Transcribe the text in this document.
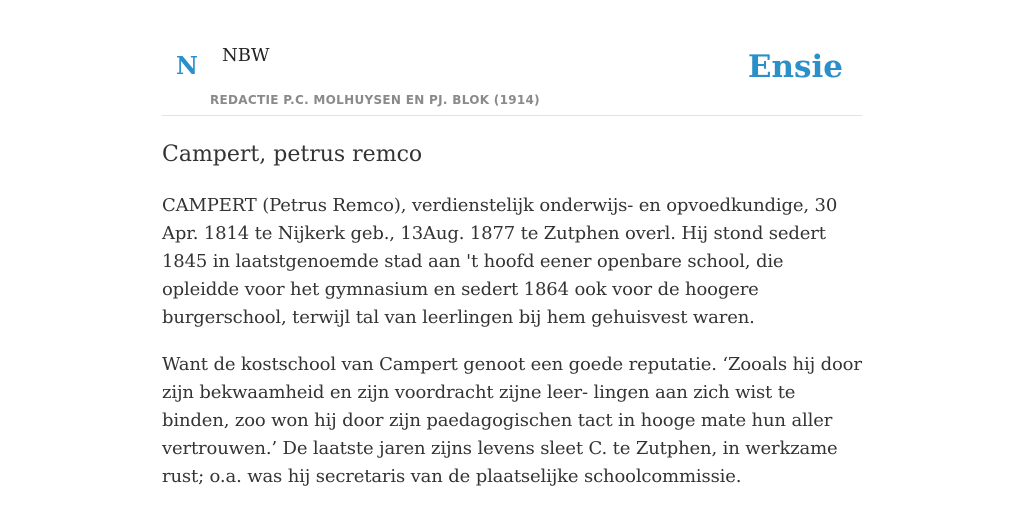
N NBW
REDACTIE P.C. MOLHUYSEN EN PJ. BLOK (1914)
Ensie
Campert, petrus remco

CAMPERT (Petrus Remco), verdienstelijk onderwijs- en opvoedkundige, 30 Apr. 1814 te Nijkerk geb., 13Aug. 1877 te Zutphen overl. Hij stond sedert 1845 in laatstgenoemde stad aan 't hoofd eener openbare school, die opleidde voor het gymnasium en sedert 1864 ook voor de hoogere burgerschool, terwijl tal van leerlingen bij hem gehuisvest waren.

Want de kostschool van Campert genoot een goede reputatie. ‘Zooals hij door zijn bekwaamheid en zijn voordracht zijne leer- lingen aan zich wist te binden, zoo won hij door zijn paedagogischen tact in hooge mate hun aller vertrouwen.’ De laatste jaren zijns levens sleet C. te Zutphen, in werkzame rust; o.a. was hij secretaris van de plaatselijke schoolcommissie.
